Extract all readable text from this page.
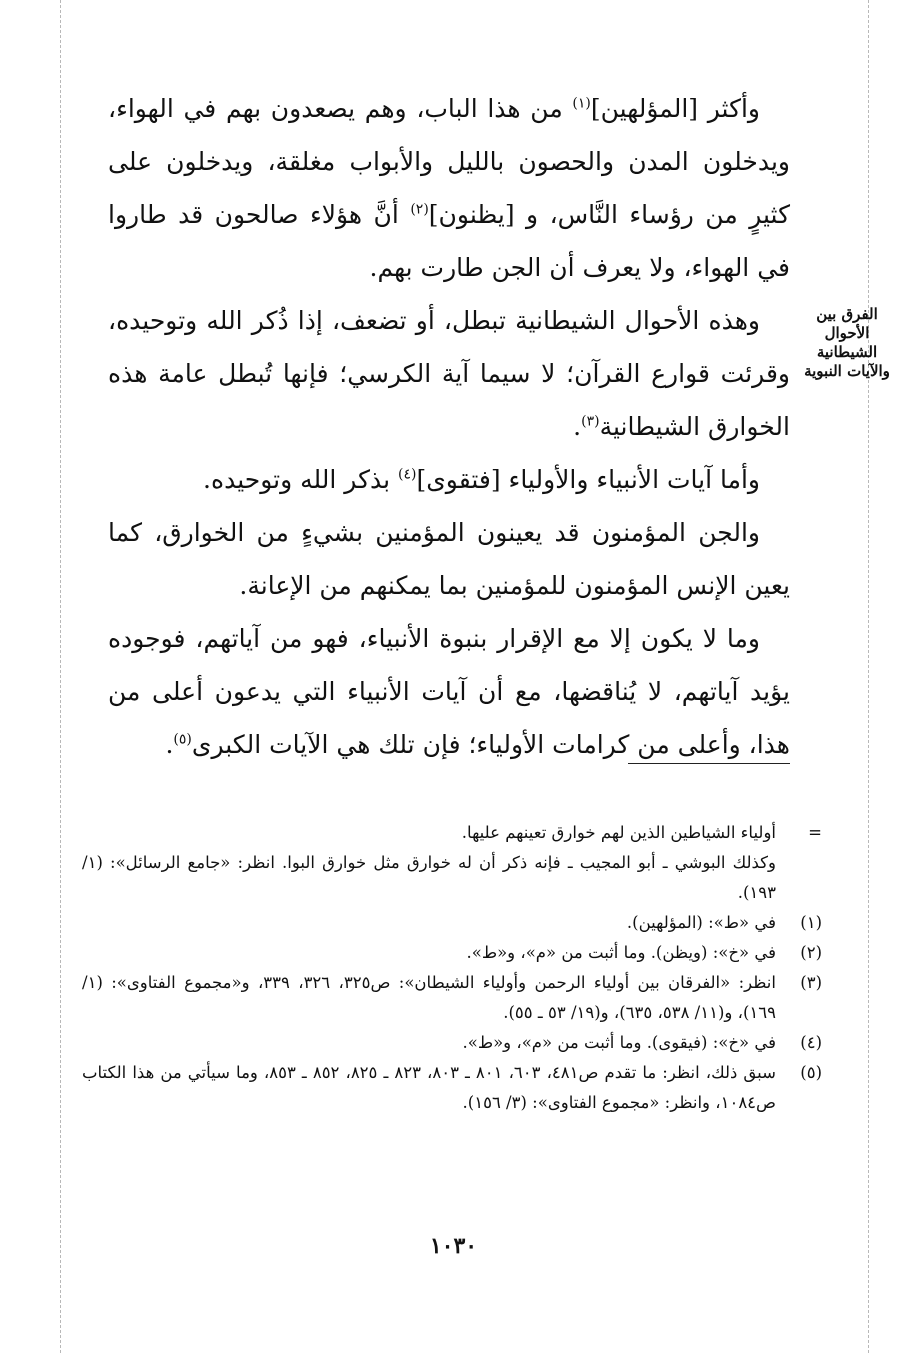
وأكثر [المؤلهين]$^{(١)}$ من هذا الباب، وهم يصعدون بهم في الهواء، ويدخلون المدن والحصون بالليل والأبواب مغلقة، ويدخلون على كثيرٍ من رؤساء النَّاس، و [يظنون]$^{(٢)}$ أنَّ هؤلاء صالحون قد طاروا في الهواء، ولا يعرف أن الجن طارت بهم.

وهذه الأحوال الشيطانية تبطل، أو تضعف، إذا ذُكر الله وتوحيده، وقرئت قوارع القرآن؛ لا سيما آية الكرسي؛ فإنها تُبطل عامة هذه الخوارق الشيطانية$^{(٣)}$.

وأما آيات الأنبياء والأولياء [فتقوى]$^{(٤)}$ بذكر الله وتوحيده.

والجن المؤمنون قد يعينون المؤمنين بشيءٍ من الخوارق، كما يعين الإنس المؤمنون للمؤمنين بما يمكنهم من الإعانة.

وما لا يكون إلا مع الإقرار بنبوة الأنبياء، فهو من آياتهم، فوجوده يؤيد آياتهم، لا يُناقضها، مع أن آيات الأنبياء التي يدعون أعلى من هذا، وأعلى من كرامات الأولياء؛ فإن تلك هي الآيات الكبرى$^{(٥)}$.

الفرق بين الأحوال الشيطانية والآيات النبوية
=
أولياء الشياطين الذين لهم خوارق تعينهم عليها.
وكذلك البوشي ـ أبو المجيب ـ فإنه ذكر أن له خوارق مثل خوارق البوا. انظر: «جامع الرسائل»: (١/ ١٩٣).
(١)
في «ط»: (المؤلهين).
(٢)
في «خ»: (ويظن). وما أثبت من «م»، و«ط».
(٣)
انظر: «الفرقان بين أولياء الرحمن وأولياء الشيطان»: ص٣٢٥، ٣٢٦، ٣٣٩، و«مجموع الفتاوى»: (١/ ١٦٩)، و(١١/ ٥٣٨، ٦٣٥)، و(١٩/ ٥٣ ـ ٥٥).
(٤)
في «خ»: (فيقوى). وما أثبت من «م»، و«ط».
(٥)
سبق ذلك، انظر: ما تقدم ص٤٨١، ٦٠٣، ٨٠١ ـ ٨٠٣، ٨٢٣ ـ ٨٢٥، ٨٥٢ ـ ٨٥٣، وما سيأتي من هذا الكتاب ص١٠٨٤، وانظر: «مجموع الفتاوى»: (٣/ ١٥٦).
١٠٣٠
